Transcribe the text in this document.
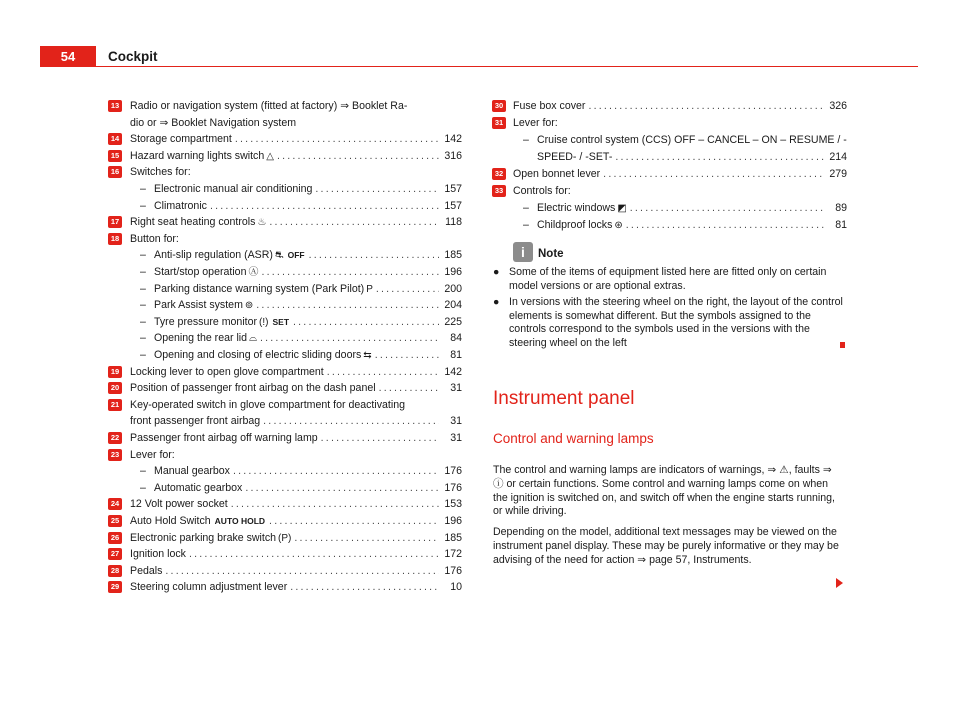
54	Cockpit
13 Radio or navigation system (fitted at factory) ⇒ Booklet Ra-
dio or ⇒ Booklet Navigation system
14 Storage compartment .....	142
15 Hazard warning lights switch △ .....	316
16 Switches for:
– Electronic manual air conditioning .....	157
– Climatronic .....	157
17 Right seat heating controls ♨ .....	118
18 Button for:
– Anti-slip regulation (ASR) ⛐ OFF .....	185
– Start/stop operation Ⓐ .....	196
– Parking distance warning system (Park Pilot) P .....	200
– Park Assist system ⊚ .....	204
– Tyre pressure monitor (!) SET .....	225
– Opening the rear lid ⌓ .....	84
– Opening and closing of electric sliding doors ⇆ .....	81
19 Locking lever to open glove compartment .....	142
20 Position of passenger front airbag on the dash panel .....	31
21 Key-operated switch in glove compartment for deactivating
front passenger front airbag .....	31
22 Passenger front airbag off warning lamp .....	31
23 Lever for:
– Manual gearbox .....	176
– Automatic gearbox .....	176
24 12 Volt power socket .....	153
25 Auto Hold Switch AUTO HOLD .....	196
26 Electronic parking brake switch (P) .....	185
27 Ignition lock .....	172
28 Pedals .....	176
29 Steering column adjustment lever .....	10
30 Fuse box cover .....	326
31 Lever for:
– Cruise control system (CCS) OFF – CANCEL – ON – RESUME / -
SPEED- / -SET- .....	214
32 Open bonnet lever .....	279
33 Controls for:
– Electric windows ◩ .....	89
– Childproof locks ⊛ .....	81
i	Note
● Some of the items of equipment listed here are fitted only on certain model versions or are optional extras.
● In versions with the steering wheel on the right, the layout of the control elements is somewhat different. But the symbols assigned to the controls correspond to the symbols used in the versions with the steering wheel on the left
Instrument panel
Control and warning lamps
The control and warning lamps are indicators of warnings, ⇒ ⚠, faults ⇒ ⓘ or certain functions. Some control and warning lamps come on when the ignition is switched on, and switch off when the engine starts running, or while driving.
Depending on the model, additional text messages may be viewed on the instrument panel display. These may be purely informative or they may be advising of the need for action ⇒ page 57, Instruments.
